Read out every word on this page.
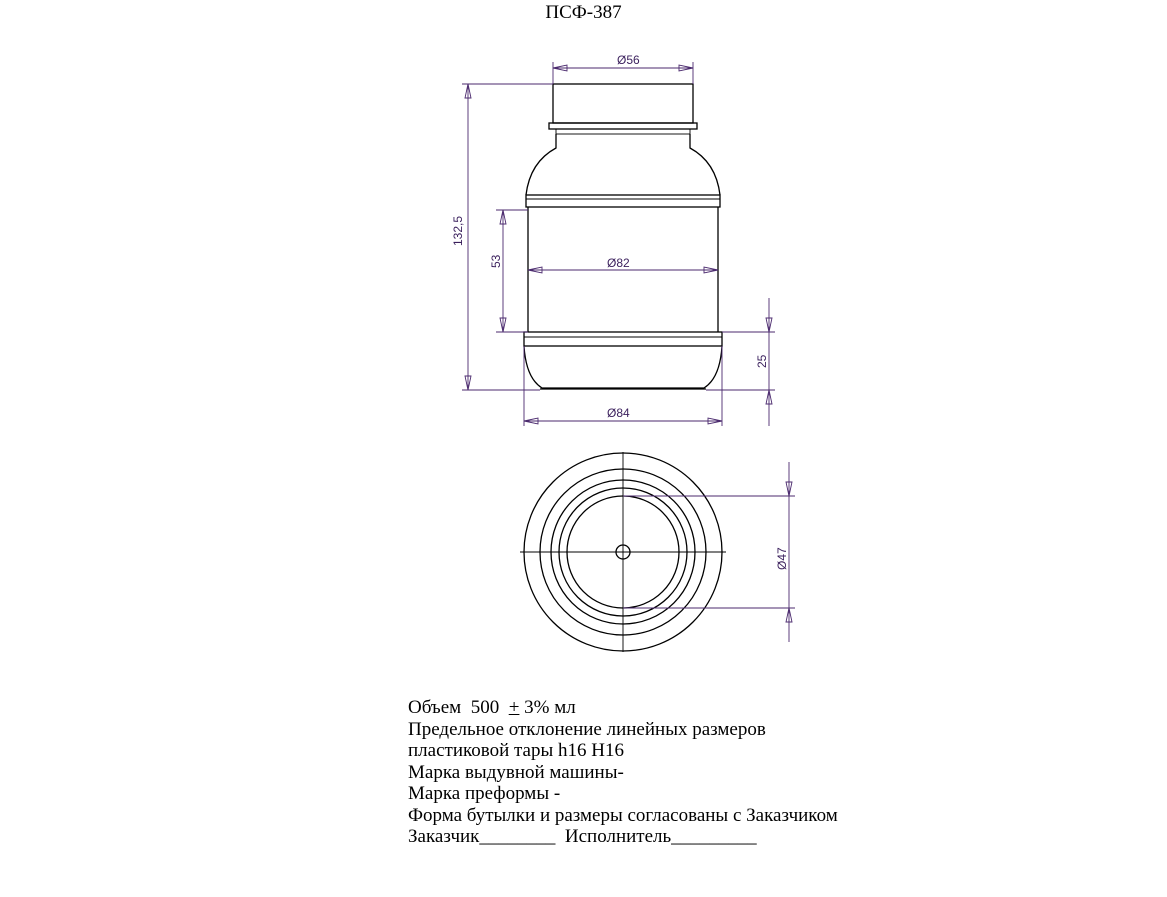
ПСФ-387
Ø56
132,5
53	Ø82
25
Ø84
Ø47
Объем 500 + 3% мл
Предельное отклонение линейных размеров
пластиковой тары h16 H16
Марка выдувной машины-
Марка преформы -
Форма бутылки и размеры согласованы с Заказчиком
Заказчик________  Исполнитель_________
